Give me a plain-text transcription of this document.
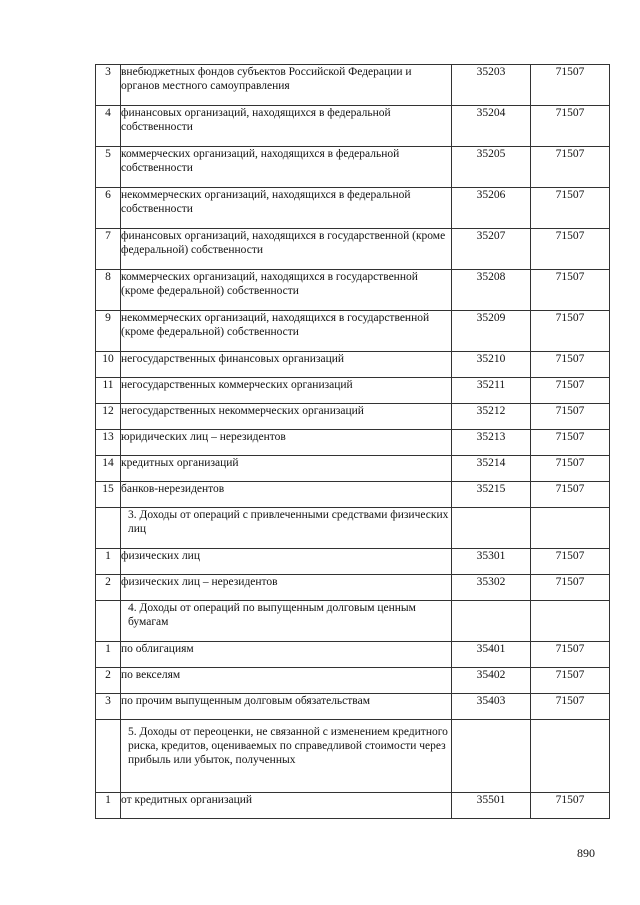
3	внебюджетных фондов субъектов Российской Федерации и органов местного самоуправления	35203	71507
4	финансовых организаций, находящихся в федеральной собственности	35204	71507
5	коммерческих организаций, находящихся в федеральной собственности	35205	71507
6	некоммерческих организаций, находящихся в федеральной собственности	35206	71507
7	финансовых организаций, находящихся в государственной (кроме федеральной) собственности	35207	71507
8	коммерческих организаций, находящихся в государственной (кроме федеральной) собственности	35208	71507
9	некоммерческих организаций, находящихся в государственной (кроме федеральной) собственности	35209	71507
10	негосударственных финансовых организаций	35210	71507
11	негосударственных коммерческих организаций	35211	71507
12	негосударственных некоммерческих организаций	35212	71507
13	юридических лиц – нерезидентов	35213	71507
14	кредитных организаций	35214	71507
15	банков-нерезидентов	35215	71507
	3. Доходы от операций с привлеченными средствами физических лиц		
1	физических лиц	35301	71507
2	физических лиц – нерезидентов	35302	71507
	4. Доходы от операций по выпущенным долговым ценным бумагам		
1	по облигациям	35401	71507
2	по векселям	35402	71507
3	по прочим выпущенным долговым обязательствам	35403	71507
	5. Доходы от переоценки, не связанной с изменением кредитного риска, кредитов, оцениваемых по справедливой стоимости через прибыль или убыток, полученных		
1	от кредитных организаций	35501	71507
890
